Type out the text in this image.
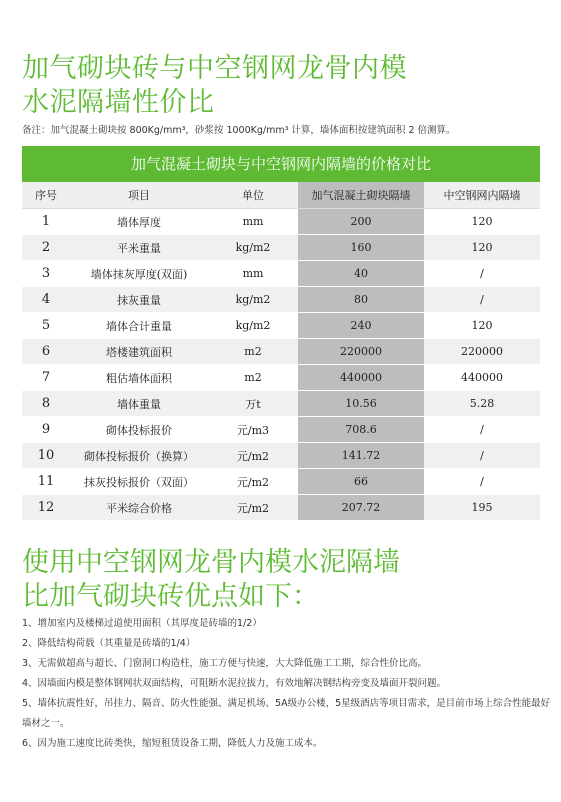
加气砌块砖与中空钢网龙骨内模
水泥隔墙性价比
备注：加气混凝土砌块按 800Kg/mm³，砂浆按 1000Kg/mm³ 计算，墙体面积按建筑面积 2 倍测算。
加气混凝土砌块与中空钢网内隔墙的价格对比
序号	项目	单位	加气混凝土砌块隔墙	中空钢网内隔墙
1	墙体厚度	mm	200	120
2	平米重量	kg/m2	160	120
3	墙体抹灰厚度(双面)	mm	40	/
4	抹灰重量	kg/m2	80	/
5	墙体合计重量	kg/m2	240	120
6	塔楼建筑面积	m2	220000	220000
7	粗估墙体面积	m2	440000	440000
8	墙体重量	万t	10.56	5.28
9	砌体投标报价	元/m3	708.6	/
10	砌体投标报价（换算）	元/m2	141.72	/
11	抹灰投标报价（双面）	元/m2	66	/
12	平米综合价格	元/m2	207.72	195
使用中空钢网龙骨内模水泥隔墙
比加气砌块砖优点如下：
1、增加室内及楼梯过道使用面积（其厚度是砖墙的1/2）
2、降低结构荷载（其重量是砖墙的1/4）
3、无需做超高与超长、门窗洞口构造柱，施工方便与快速，大大降低施工工期，综合性价比高。
4、因墙面内模是整体钢网状双面结构，可阻断水泥拉拔力，有效地解决钢结构旁变及墙面开裂问题。
5、墙体抗震性好，吊挂力、隔音、防火性能强、满足机场、5A级办公楼，5星级酒店等项目需求，是目前市场上综合性能最好墙材之一。
6、因为施工速度比砖类快，缩短租赁设备工期，降低人力及施工成本。
